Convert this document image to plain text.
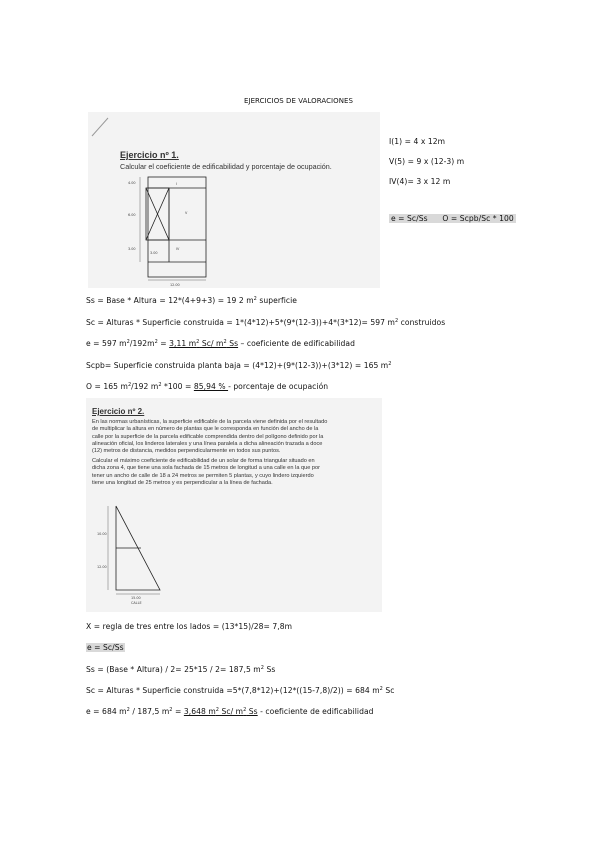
EJERCICIOS DE VALORACIONES
Ejercicio nº 1.
Calcular el coeficiente de edificabilidad y porcentaje de ocupación.
4.00
6.00
3.00
3.00
12.00
I
V
IV
I(1) = 4 x 12m
V(5) = 9 x (12-3) m
IV(4)= 3 x 12 m
e = Sc/Ss      O = Scpb/Sc * 100
Ss = Base * Altura = 12*(4+9+3) = 19 2 $m^2$ superficie
Sc = Alturas * Superficie construida = 1*(4*12)+5*(9*(12-3))+4*(3*12)= 597 $m^2$ construidos
e = 597 $m^2/192m^2 = 3,11$ $m^2$ Sc/ $m^2$ Ss – coeficiente de edificabilidad
Scpb= Superficie construida planta baja = (4*12)+(9*(12-3))+(3*12) = 165 $m^2$
O = 165 $m^2/192$ $m^2$ *100 = 85,94 % - porcentaje de ocupación
Ejercicio nº 2.
En las normas urbanísticas, la superficie edificable de la parcela viene definida por el resultado
de multiplicar la altura en número de plantas que le corresponda en función del ancho de la
calle por la superficie de la parcela edificable comprendida dentro del polígono definido por la
alineación oficial, los linderos laterales y una línea paralela a dicha alineación trazada a doce
(12) metros de distancia, medidos perpendicularmente en todos sus puntos.
Calcular el máximo coeficiente de edificabilidad de un solar de forma triangular situado en
dicha zona 4, que tiene una sola fachada de 15 metros de longitud a una calle en la que por
tener un ancho de calle de 18 a 24 metros se permiten 5 plantas, y cuyo lindero izquierdo
tiene una longitud de 25 metros y es perpendicular a la línea de fachada.
10.00
12.00
15.00
CALLE
X = regla de tres entre los lados = (13*15)/28= 7,8m
e = Sc/Ss
Ss = (Base * Altura) / 2= 25*15 / 2= 187,5 $m^2$ Ss
Sc = Alturas * Superficie construida =5*(7,8*12)+(12*((15-7,8)/2)) = 684 $m^2$ Sc
e = 684 $m^2 / 187,5$ $m^2 = 3,648$ $m^2$ Sc/ $m^2$ Ss - coeficiente de edificabilidad
